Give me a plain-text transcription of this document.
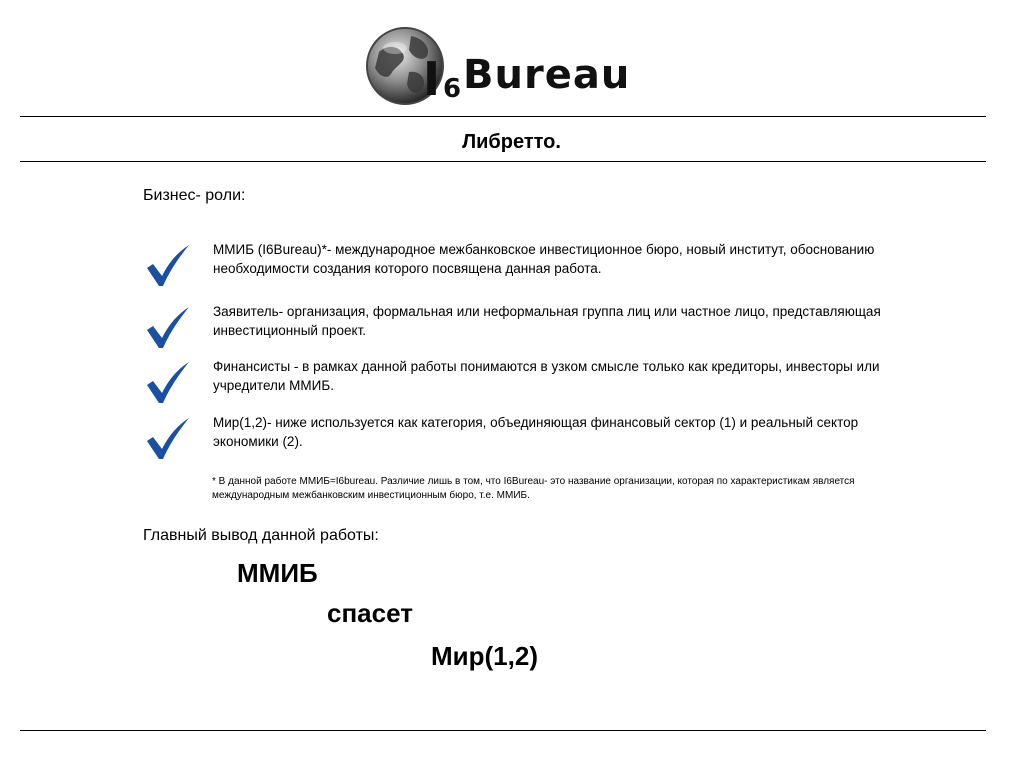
I 6 Bureau
Либретто.
Бизнес- роли:
ММИБ (I6Bureau)*- международное межбанковское инвестиционное бюро, новый институт, обоснованию необходимости создания которого посвящена данная работа.
Заявитель- организация, формальная или неформальная группа лиц или частное лицо, представляющая инвестиционный проект.
Финансисты - в рамках данной работы понимаются в узком смысле только как кредиторы, инвесторы или учредители ММИБ.
Мир(1,2)- ниже используется как категория, объединяющая финансовый сектор (1) и реальный сектор экономики (2).
* В данной работе ММИБ=I6bureau. Различие лишь в том, что I6Bureau- это название организации, которая по характеристикам является международным межбанковским инвестиционным бюро, т.е. ММИБ.
Главный вывод данной работы:
ММИБ
спасет
Мир(1,2)
